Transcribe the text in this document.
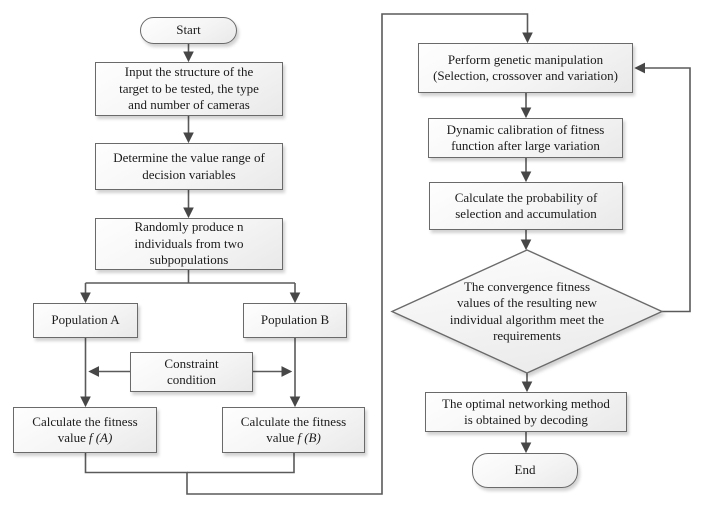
Start
Input the structure of the
target to be tested, the type
and number of cameras
Determine the value range of
decision variables
Randomly produce n
individuals from two
subpopulations
Population A	Population B
Constraint
condition
Calculate the fitness
value f (A)
Calculate the fitness
value f (B)
Perform genetic manipulation
(Selection, crossover and variation)
Dynamic calibration of fitness
function after large variation
Calculate the probability of
selection and accumulation
The convergence fitness
values of the resulting new
individual algorithm meet the
requirements
The optimal networking method
is obtained by decoding
End
